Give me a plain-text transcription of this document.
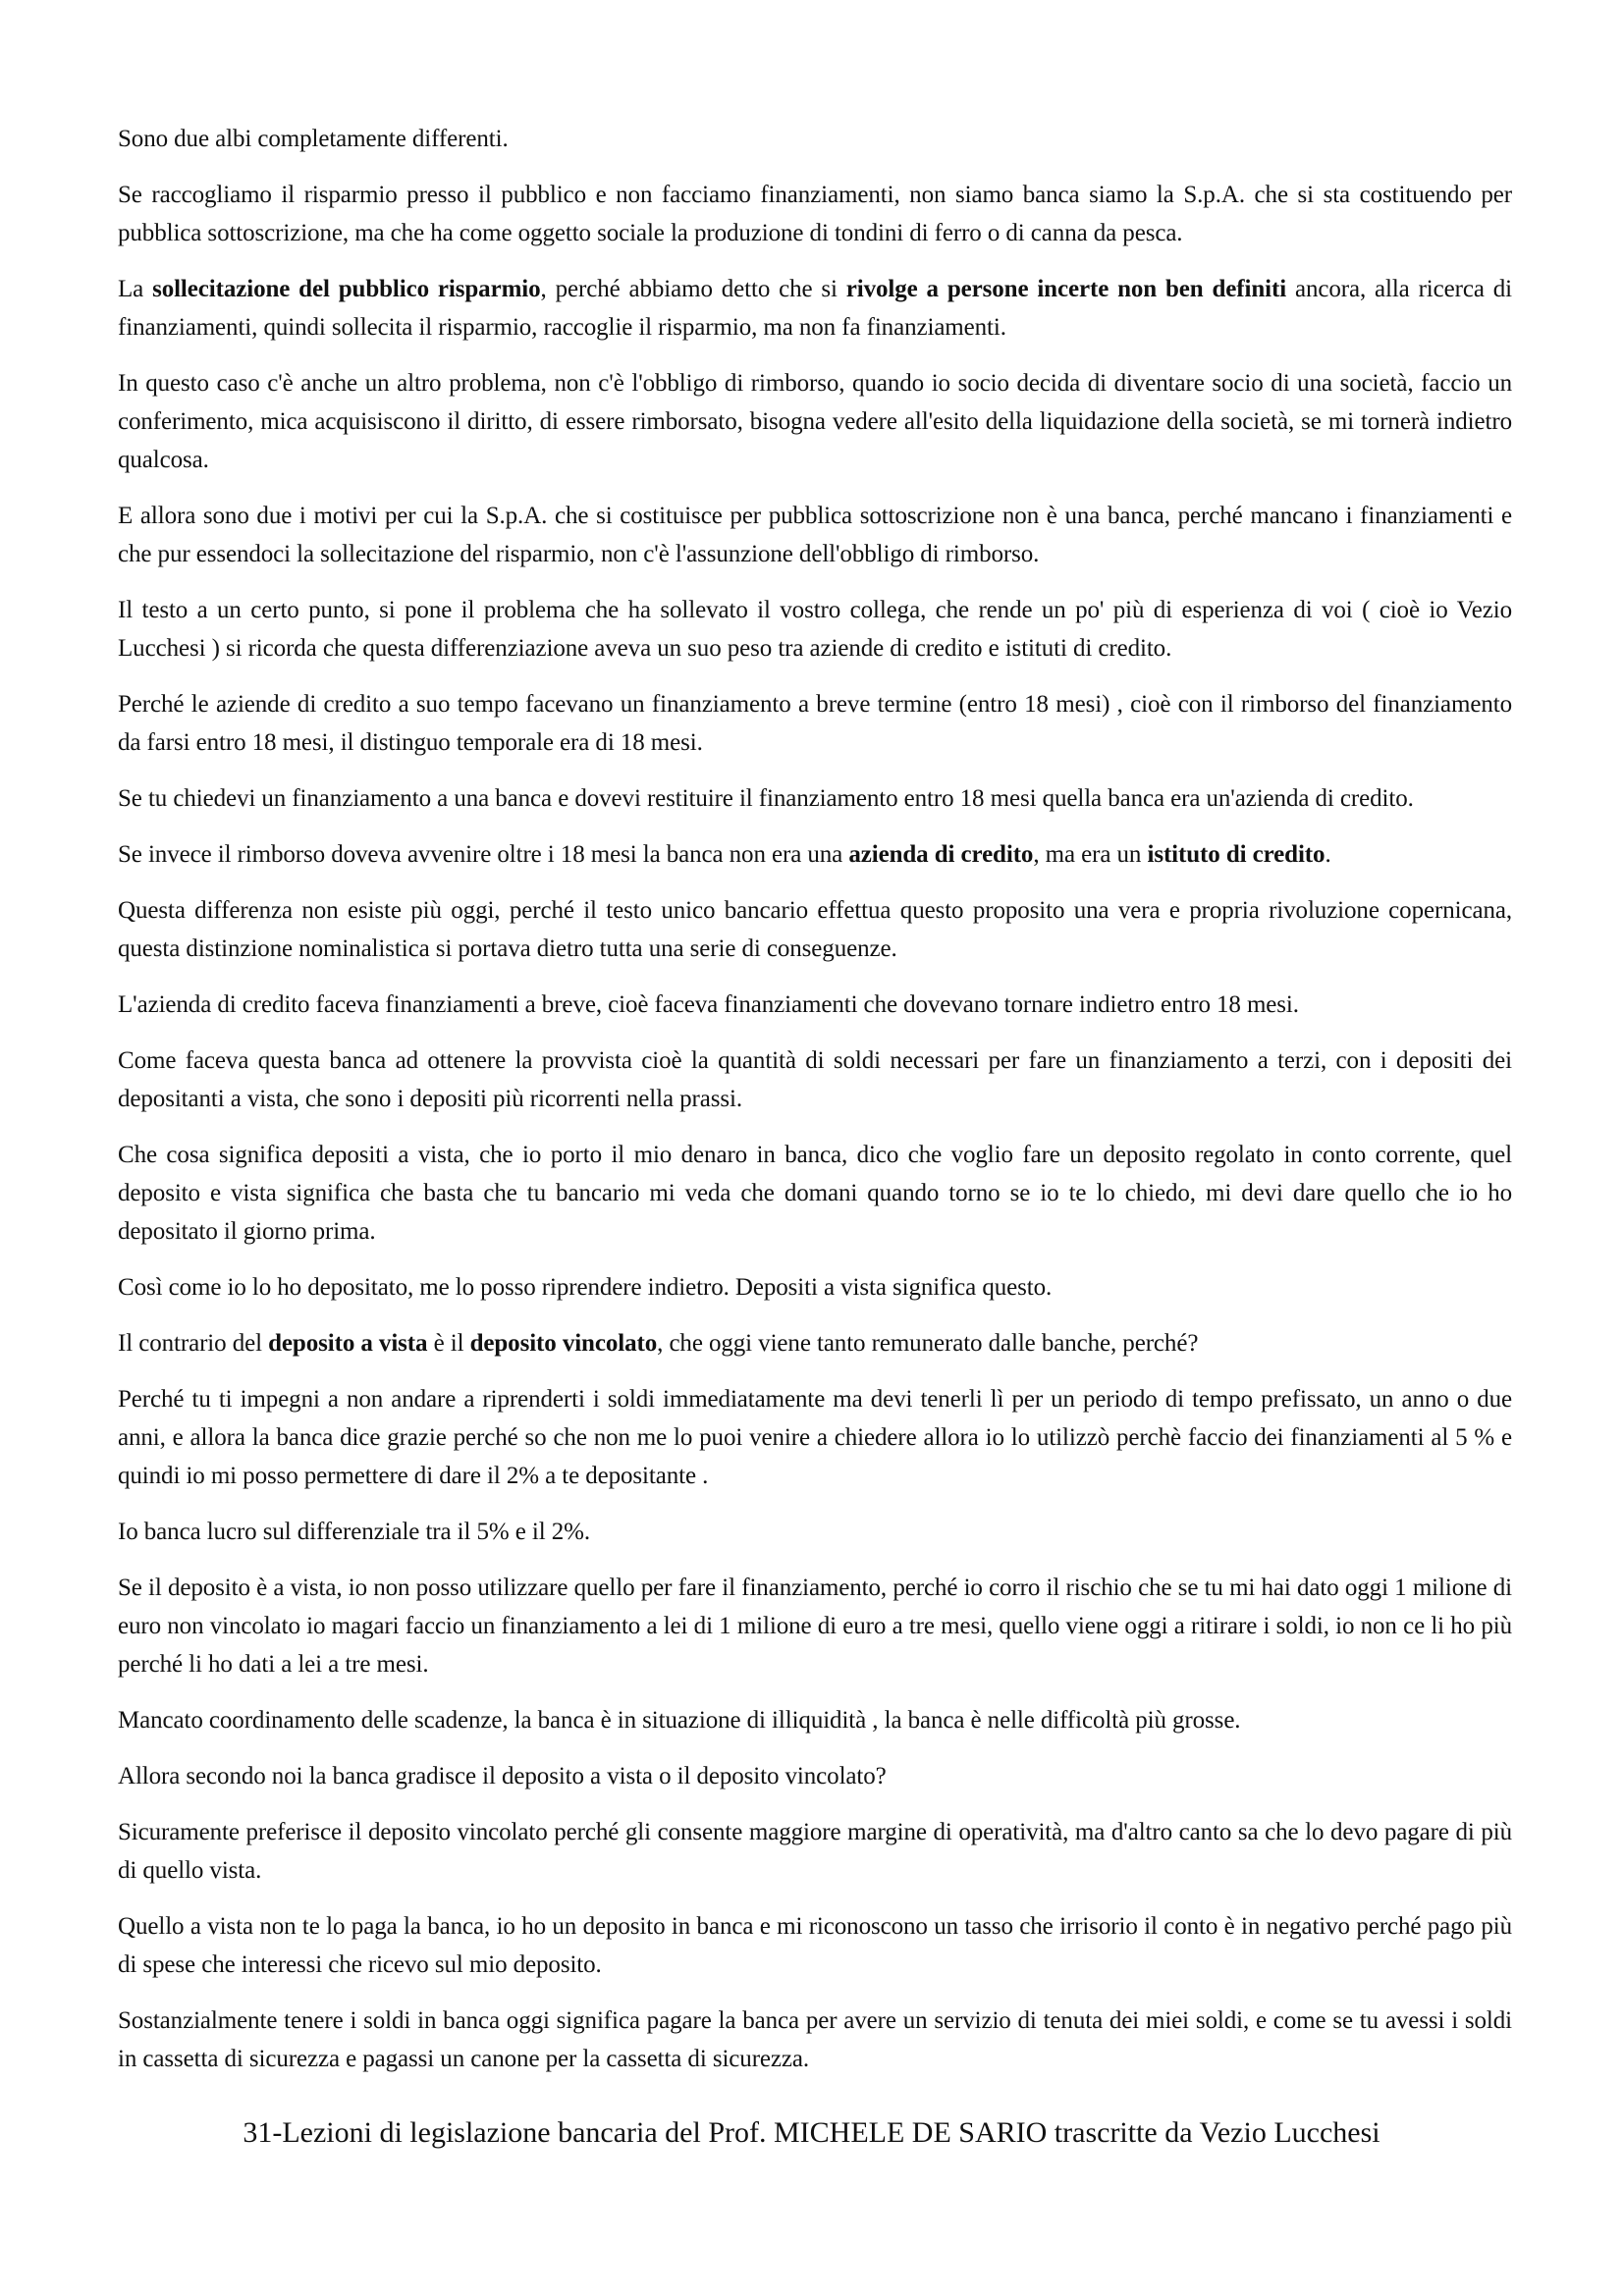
Sono due albi completamente differenti.

Se raccogliamo il risparmio presso il pubblico e non facciamo finanziamenti, non siamo banca siamo la S.p.A. che si sta costituendo per pubblica sottoscrizione, ma che ha come oggetto sociale la produzione di tondini di ferro o di canna da pesca.

La sollecitazione del pubblico risparmio, perché abbiamo detto che si rivolge a persone incerte non ben definiti ancora, alla ricerca di finanziamenti, quindi sollecita il risparmio, raccoglie il risparmio, ma non fa finanziamenti.

In questo caso c'è anche un altro problema, non c'è l'obbligo di rimborso, quando io socio decida di diventare socio di una società, faccio un conferimento, mica acquisiscono il diritto, di essere rimborsato, bisogna vedere all'esito della liquidazione della società, se mi tornerà indietro qualcosa.

E allora sono due i motivi per cui la S.p.A. che si costituisce per pubblica sottoscrizione non è una banca, perché mancano i finanziamenti e che pur essendoci la sollecitazione del risparmio, non c'è l'assunzione dell'obbligo di rimborso.

Il testo a un certo punto, si pone il problema che ha sollevato il vostro collega, che rende un po' più di esperienza di voi ( cioè io Vezio Lucchesi ) si ricorda che questa differenziazione aveva un suo peso tra aziende di credito e istituti di credito.

Perché le aziende di credito a suo tempo facevano un finanziamento a breve termine (entro 18 mesi) , cioè con il rimborso del finanziamento da farsi entro 18 mesi, il distinguo temporale era di 18 mesi.

Se tu chiedevi un finanziamento a una banca e dovevi restituire il finanziamento entro 18 mesi quella banca era un'azienda di credito.

Se invece il rimborso doveva avvenire oltre i 18 mesi la banca non era una azienda di credito, ma era un istituto di credito.

Questa differenza non esiste più oggi, perché il testo unico bancario effettua questo proposito una vera e propria rivoluzione copernicana, questa distinzione nominalistica si portava dietro tutta una serie di conseguenze.

L'azienda di credito faceva finanziamenti a breve, cioè faceva finanziamenti che dovevano tornare indietro entro 18 mesi.

Come faceva questa banca ad ottenere la provvista cioè la quantità di soldi necessari per fare un finanziamento a terzi, con i depositi dei depositanti a vista, che sono i depositi più ricorrenti nella prassi.

Che cosa significa depositi a vista, che io porto il mio denaro in banca, dico che voglio fare un deposito regolato in conto corrente, quel deposito e vista significa che basta che tu bancario mi veda che domani quando torno se io te lo chiedo, mi devi dare quello che io ho depositato il giorno prima.

Così come io lo ho depositato, me lo posso riprendere indietro. Depositi a vista significa questo.

Il contrario del deposito a vista è il deposito vincolato, che oggi viene tanto remunerato dalle banche, perché?

Perché tu ti impegni a non andare a riprenderti i soldi immediatamente ma devi tenerli lì per un periodo di tempo prefissato, un anno o due anni, e allora la banca dice grazie perché so che non me lo puoi venire a chiedere allora io lo utilizzò perchè faccio dei finanziamenti al 5 % e quindi io mi posso permettere di dare il 2% a te depositante .

Io banca lucro sul differenziale tra il 5% e il 2%.

Se il deposito è a vista, io non posso utilizzare quello per fare il finanziamento, perché io corro il rischio che se tu mi hai dato oggi 1 milione di euro non vincolato io magari faccio un finanziamento a lei di 1 milione di euro a tre mesi, quello viene oggi a ritirare i soldi, io non ce li ho più perché li ho dati a lei a tre mesi.

Mancato coordinamento delle scadenze, la banca è in situazione di illiquidità , la banca è nelle difficoltà più grosse.

Allora secondo noi la banca gradisce il deposito a vista o il deposito vincolato?

Sicuramente preferisce il deposito vincolato perché gli consente maggiore margine di operatività, ma d'altro canto sa che lo devo pagare di più di quello vista.

Quello a vista non te lo paga la banca, io ho un deposito in banca e mi riconoscono un tasso che irrisorio il conto è in negativo perché pago più di spese che interessi che ricevo sul mio deposito.

Sostanzialmente tenere i soldi in banca oggi significa pagare la banca per avere un servizio di tenuta dei miei soldi, e come se tu avessi i soldi in cassetta di sicurezza e pagassi un canone per la cassetta di sicurezza.

31-Lezioni di legislazione bancaria del Prof. MICHELE DE SARIO trascritte da Vezio Lucchesi
